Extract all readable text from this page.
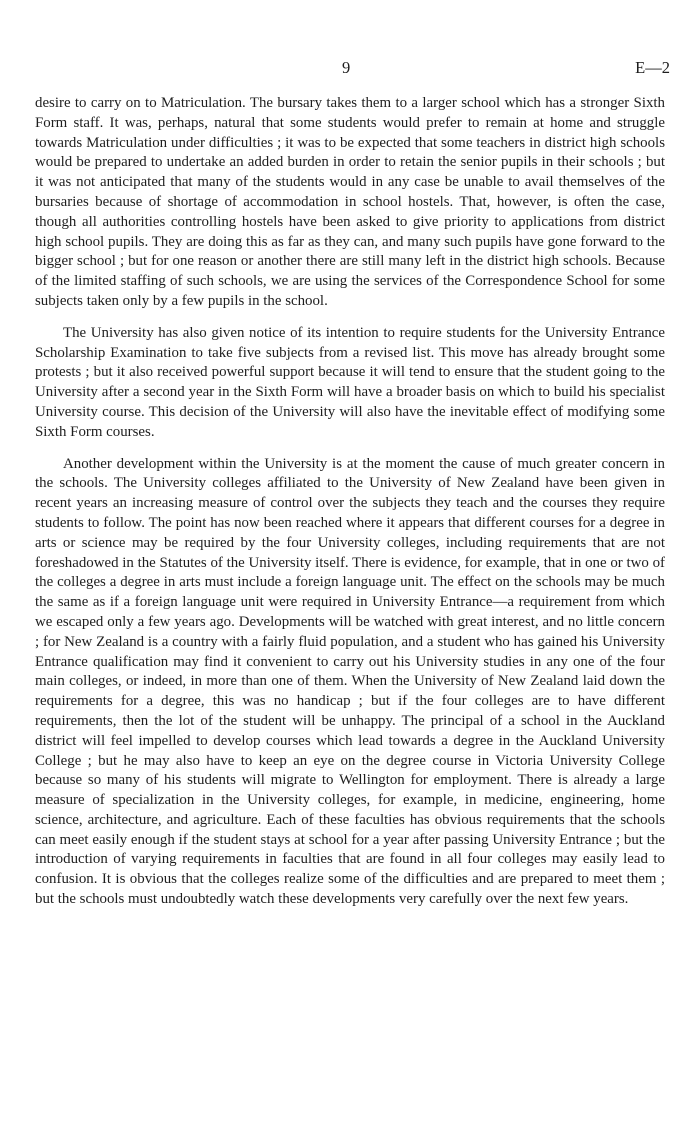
9	E—2

desire to carry on to Matriculation. The bursary takes them to a larger school which has a stronger Sixth Form staff. It was, perhaps, natural that some students would prefer to remain at home and struggle towards Matriculation under difficulties ; it was to be expected that some teachers in district high schools would be prepared to undertake an added burden in order to retain the senior pupils in their schools ; but it was not anticipated that many of the students would in any case be unable to avail themselves of the bursaries because of shortage of accommodation in school hostels. That, however, is often the case, though all authorities controlling hostels have been asked to give priority to applications from district high school pupils. They are doing this as far as they can, and many such pupils have gone forward to the bigger school ; but for one reason or another there are still many left in the district high schools. Because of the limited staffing of such schools, we are using the services of the Correspondence School for some subjects taken only by a few pupils in the school.

The University has also given notice of its intention to require students for the University Entrance Scholarship Examination to take five subjects from a revised list. This move has already brought some protests ; but it also received powerful support because it will tend to ensure that the student going to the University after a second year in the Sixth Form will have a broader basis on which to build his specialist University course. This decision of the University will also have the inevitable effect of modifying some Sixth Form courses.

Another development within the University is at the moment the cause of much greater concern in the schools. The University colleges affiliated to the University of New Zealand have been given in recent years an increasing measure of control over the subjects they teach and the courses they require students to follow. The point has now been reached where it appears that different courses for a degree in arts or science may be required by the four University colleges, including requirements that are not foreshadowed in the Statutes of the University itself. There is evidence, for example, that in one or two of the colleges a degree in arts must include a foreign language unit. The effect on the schools may be much the same as if a foreign language unit were required in University Entrance—a requirement from which we escaped only a few years ago. Developments will be watched with great interest, and no little concern ; for New Zealand is a country with a fairly fluid population, and a student who has gained his University Entrance qualification may find it convenient to carry out his University studies in any one of the four main colleges, or indeed, in more than one of them. When the University of New Zealand laid down the requirements for a degree, this was no handicap ; but if the four colleges are to have different requirements, then the lot of the student will be unhappy. The principal of a school in the Auckland district will feel impelled to develop courses which lead towards a degree in the Auckland University College ; but he may also have to keep an eye on the degree course in Victoria University College because so many of his students will migrate to Wellington for employment. There is already a large measure of specialization in the University colleges, for example, in medicine, engineering, home science, architecture, and agriculture. Each of these faculties has obvious requirements that the schools can meet easily enough if the student stays at school for a year after passing University Entrance ; but the introduction of varying requirements in faculties that are found in all four colleges may easily lead to confusion. It is obvious that the colleges realize some of the difficulties and are prepared to meet them ; but the schools must undoubtedly watch these developments very carefully over the next few years.
